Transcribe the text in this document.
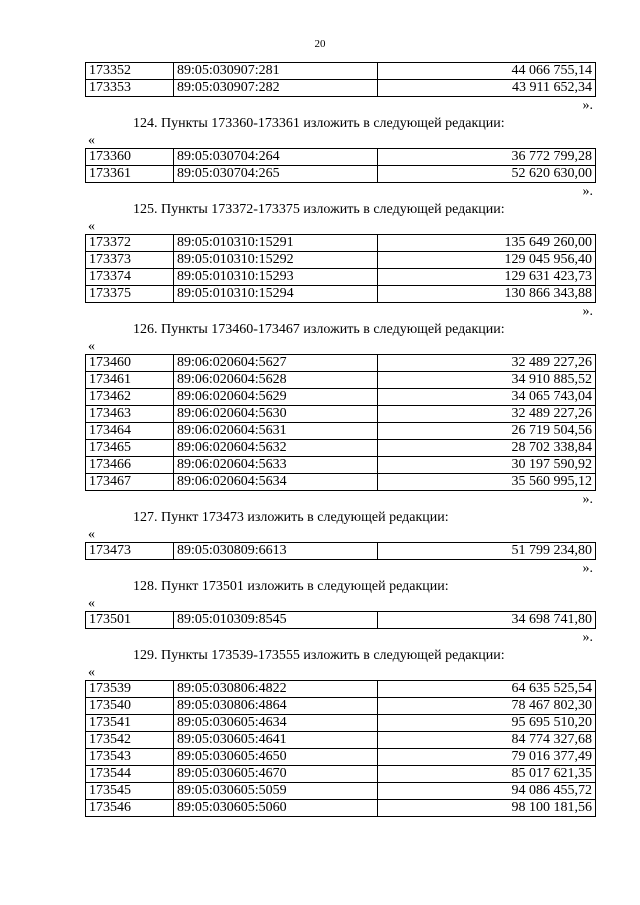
20
173352	89:05:030907:281	44 066 755,14
173353	89:05:030907:282	43 911 652,34
».
124. Пункты 173360-173361 изложить в следующей редакции:
«
173360	89:05:030704:264	36 772 799,28
173361	89:05:030704:265	52 620 630,00
».
125. Пункты 173372-173375 изложить в следующей редакции:
«
173372	89:05:010310:15291	135 649 260,00
173373	89:05:010310:15292	129 045 956,40
173374	89:05:010310:15293	129 631 423,73
173375	89:05:010310:15294	130 866 343,88
».
126. Пункты 173460-173467 изложить в следующей редакции:
«
173460	89:06:020604:5627	32 489 227,26
173461	89:06:020604:5628	34 910 885,52
173462	89:06:020604:5629	34 065 743,04
173463	89:06:020604:5630	32 489 227,26
173464	89:06:020604:5631	26 719 504,56
173465	89:06:020604:5632	28 702 338,84
173466	89:06:020604:5633	30 197 590,92
173467	89:06:020604:5634	35 560 995,12
».
127. Пункт 173473 изложить в следующей редакции:
«
173473	89:05:030809:6613	51 799 234,80
».
128. Пункт 173501 изложить в следующей редакции:
«
173501	89:05:010309:8545	34 698 741,80
».
129. Пункты 173539-173555 изложить в следующей редакции:
«
173539	89:05:030806:4822	64 635 525,54
173540	89:05:030806:4864	78 467 802,30
173541	89:05:030605:4634	95 695 510,20
173542	89:05:030605:4641	84 774 327,68
173543	89:05:030605:4650	79 016 377,49
173544	89:05:030605:4670	85 017 621,35
173545	89:05:030605:5059	94 086 455,72
173546	89:05:030605:5060	98 100 181,56
